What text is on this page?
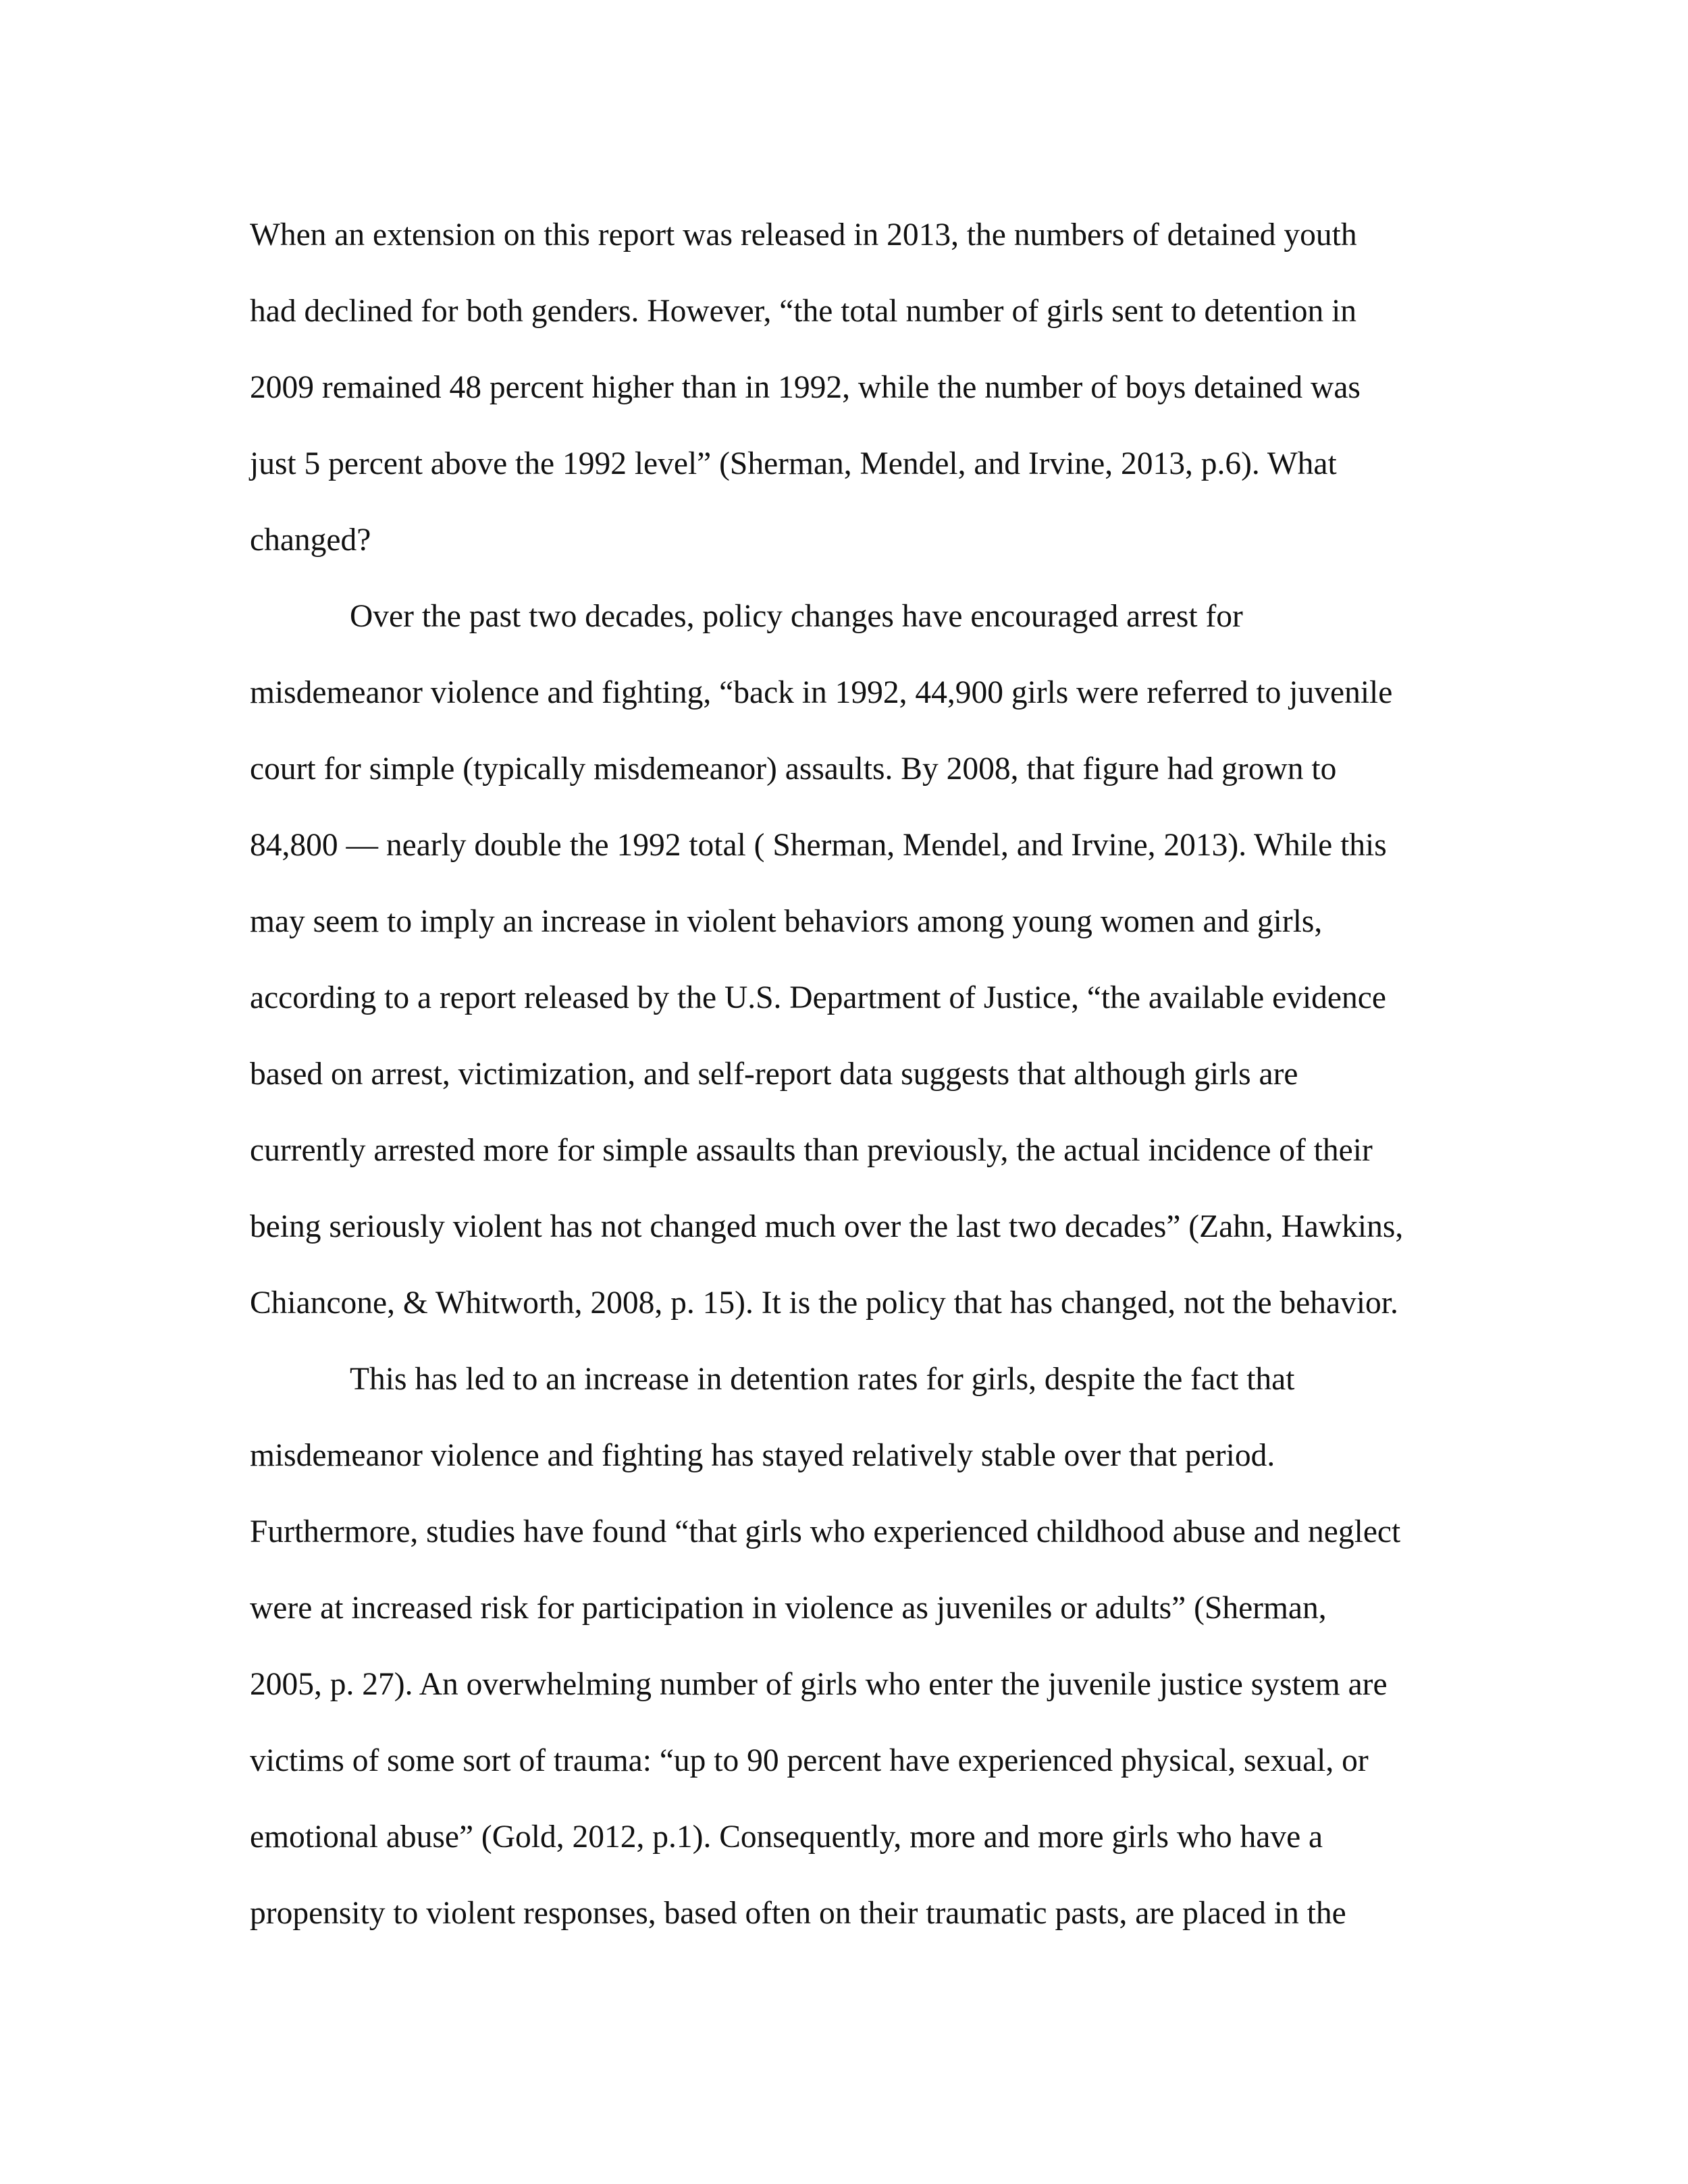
When an extension on this report was released in 2013, the numbers of detained youth
had declined for both genders. However, “the total number of girls sent to detention in
2009 remained 48 percent higher than in 1992, while the number of boys detained was
just 5 percent above the 1992 level” (Sherman, Mendel, and Irvine, 2013, p.6). What
changed?
Over the past two decades, policy changes have encouraged arrest for
misdemeanor violence and fighting, “back in 1992, 44,900 girls were referred to juvenile
court for simple (typically misdemeanor) assaults. By 2008, that figure had grown to
84,800 — nearly double the 1992 total ( Sherman, Mendel, and Irvine, 2013). While this
may seem to imply an increase in violent behaviors among young women and girls,
according to a report released by the U.S. Department of Justice, “the available evidence
based on arrest, victimization, and self-report data suggests that although girls are
currently arrested more for simple assaults than previously, the actual incidence of their
being seriously violent has not changed much over the last two decades” (Zahn, Hawkins,
Chiancone, & Whitworth, 2008, p. 15). It is the policy that has changed, not the behavior.
This has led to an increase in detention rates for girls, despite the fact that
misdemeanor violence and fighting has stayed relatively stable over that period.
Furthermore, studies have found “that girls who experienced childhood abuse and neglect
were at increased risk for participation in violence as juveniles or adults” (Sherman,
2005, p. 27). An overwhelming number of girls who enter the juvenile justice system are
victims of some sort of trauma: “up to 90 percent have experienced physical, sexual, or
emotional abuse” (Gold, 2012, p.1). Consequently, more and more girls who have a
propensity to violent responses, based often on their traumatic pasts, are placed in the
